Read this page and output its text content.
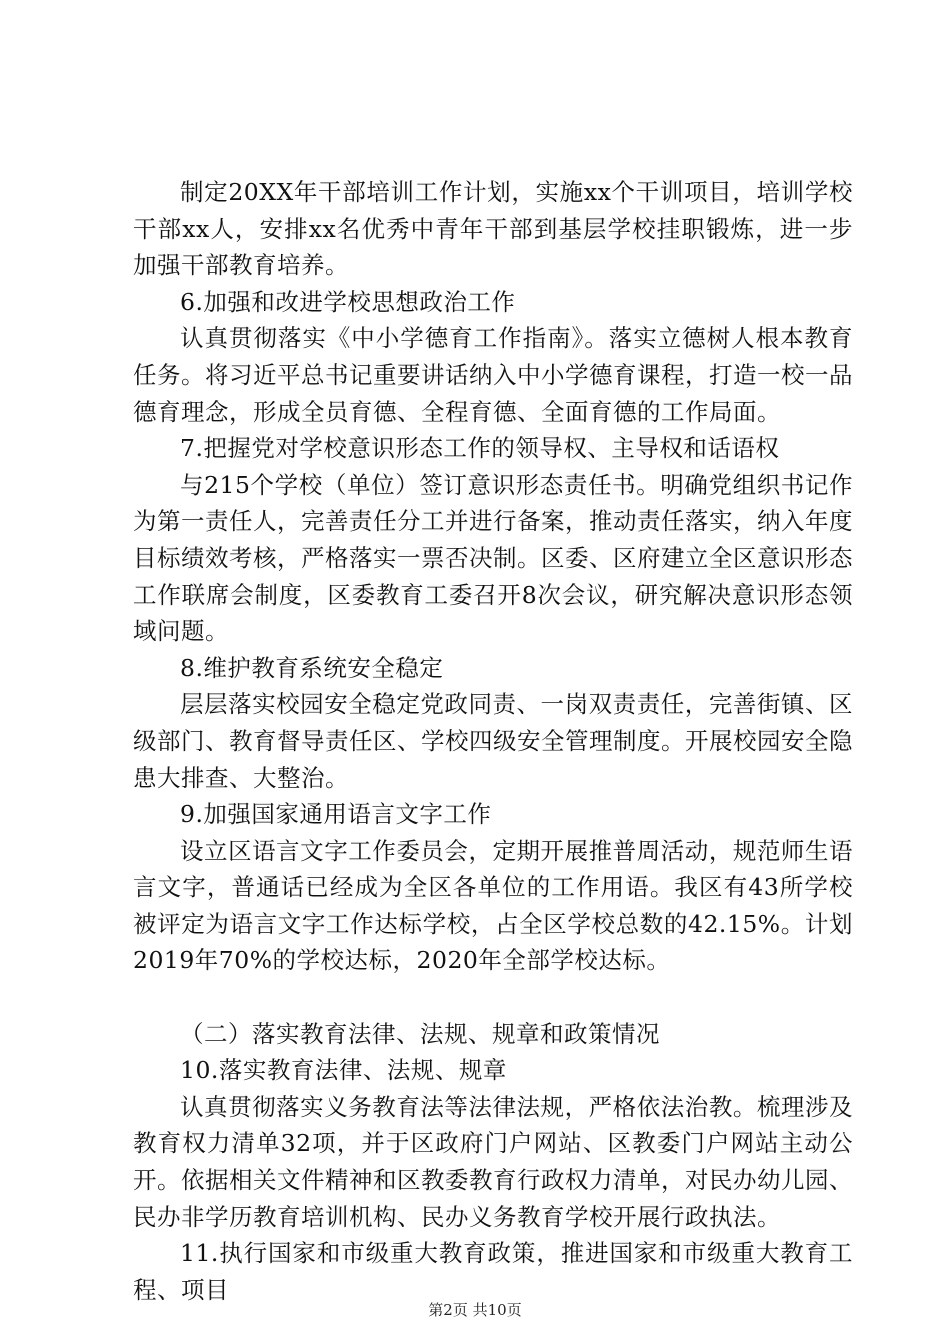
制定20XX年干部培训工作计划，实施xx个干训项目，培训学校干部xx人，安排xx名优秀中青年干部到基层学校挂职锻炼，进一步加强干部教育培养。

6.加强和改进学校思想政治工作

认真贯彻落实《中小学德育工作指南》。落实立德树人根本教育任务。将习近平总书记重要讲话纳入中小学德育课程，打造一校一品德育理念，形成全员育德、全程育德、全面育德的工作局面。

7.把握党对学校意识形态工作的领导权、主导权和话语权

与215个学校（单位）签订意识形态责任书。明确党组织书记作为第一责任人，完善责任分工并进行备案，推动责任落实，纳入年度目标绩效考核，严格落实一票否决制。区委、区府建立全区意识形态工作联席会制度，区委教育工委召开8次会议，研究解决意识形态领域问题。

8.维护教育系统安全稳定

层层落实校园安全稳定党政同责、一岗双责责任，完善街镇、区级部门、教育督导责任区、学校四级安全管理制度。开展校园安全隐患大排查、大整治。

9.加强国家通用语言文字工作

设立区语言文字工作委员会，定期开展推普周活动，规范师生语言文字，普通话已经成为全区各单位的工作用语。我区有43所学校被评定为语言文字工作达标学校，占全区学校总数的42.15%。计划2019年70%的学校达标，2020年全部学校达标。

（二）落实教育法律、法规、规章和政策情况

10.落实教育法律、法规、规章

认真贯彻落实义务教育法等法律法规，严格依法治教。梳理涉及教育权力清单32项，并于区政府门户网站、区教委门户网站主动公开。依据相关文件精神和区教委教育行政权力清单，对民办幼儿园、民办非学历教育培训机构、民办义务教育学校开展行政执法。

11.执行国家和市级重大教育政策，推进国家和市级重大教育工程、项目

第2页 共10页
